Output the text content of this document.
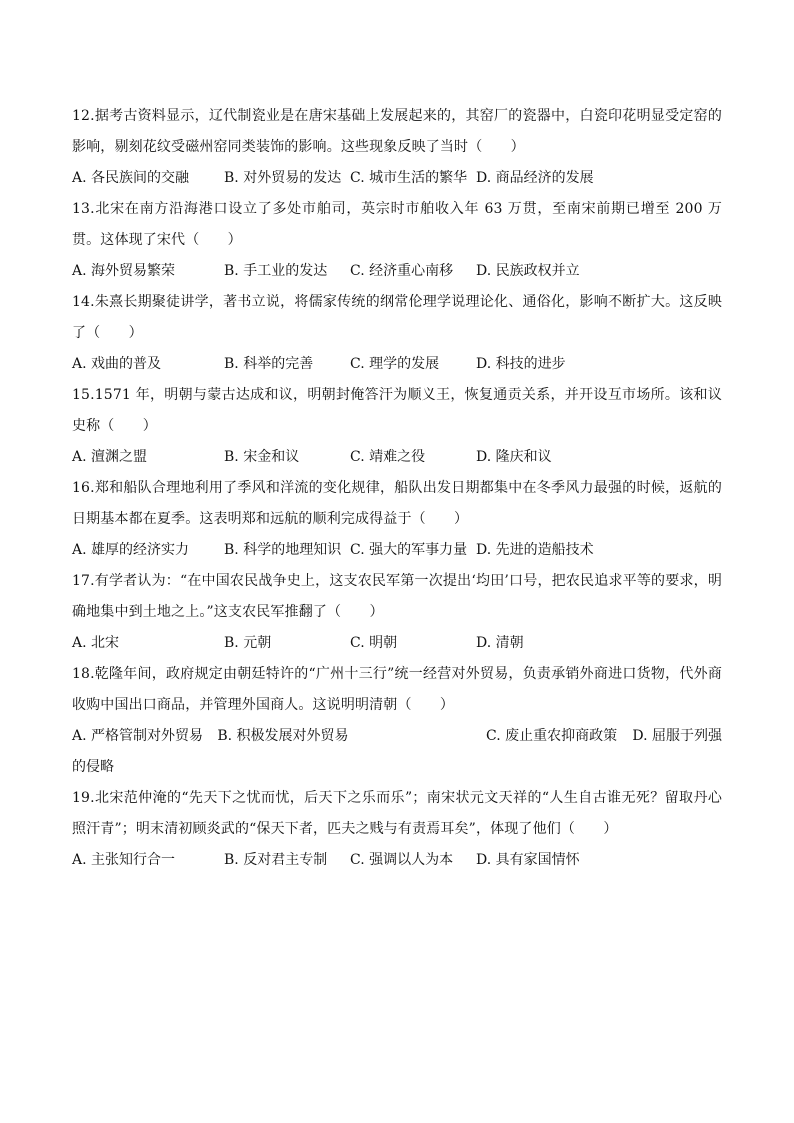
12.据考古资料显示，辽代制瓷业是在唐宋基础上发展起来的，其窑厂的瓷器中，白瓷印花明显受定窑的影响，剔刻花纹受磁州窑同类装饰的影响。这些现象反映了当时（　　）

A. 各民族间的交融	B. 对外贸易的发达 C. 城市生活的繁华 D. 商品经济的发展

13.北宋在南方沿海港口设立了多处市舶司，英宗时市舶收入年 63 万贯，至南宋前期已增至 200 万贯。这体现了宋代（　　）

A. 海外贸易繁荣	B. 手工业的发达	C. 经济重心南移	D. 民族政权并立

14.朱熹长期聚徒讲学，著书立说，将儒家传统的纲常伦理学说理论化、通俗化，影响不断扩大。这反映了（　　）

A. 戏曲的普及	B. 科举的完善	C. 理学的发展	D. 科技的进步

15.1571 年，明朝与蒙古达成和议，明朝封俺答汗为顺义王，恢复通贡关系，并开设互市场所。该和议史称（　　）

A. 澶渊之盟	B. 宋金和议	C. 靖难之役	D. 隆庆和议

16.郑和船队合理地利用了季风和洋流的变化规律，船队出发日期都集中在冬季风力最强的时候，返航的日期基本都在夏季。这表明郑和远航的顺利完成得益于（　　）

A. 雄厚的经济实力	B. 科学的地理知识 C. 强大的军事力量 D. 先进的造船技术

17.有学者认为：“在中国农民战争史上，这支农民军第一次提出‘均田’口号，把农民追求平等的要求，明确地集中到土地之上。”这支农民军推翻了（　　）

A. 北宋	B. 元朝	C. 明朝	D. 清朝

18.乾隆年间，政府规定由朝廷特许的“广州十三行”统一经营对外贸易，负责承销外商进口货物，代外商收购中国出口商品，并管理外国商人。这说明明清朝（　　）

A. 严格管制对外贸易	B. 积极发展对外贸易	C. 废止重农抑商政策	D. 屈服于列强

的侵略

19.北宋范仲淹的“先天下之忧而忧，后天下之乐而乐”；南宋状元文天祥的“人生自古谁无死？留取丹心照汗青”；明末清初顾炎武的“保天下者，匹夫之贱与有责焉耳矣”，体现了他们（　　）

A. 主张知行合一	B. 反对君主专制	C. 强调以人为本	D. 具有家国情怀
